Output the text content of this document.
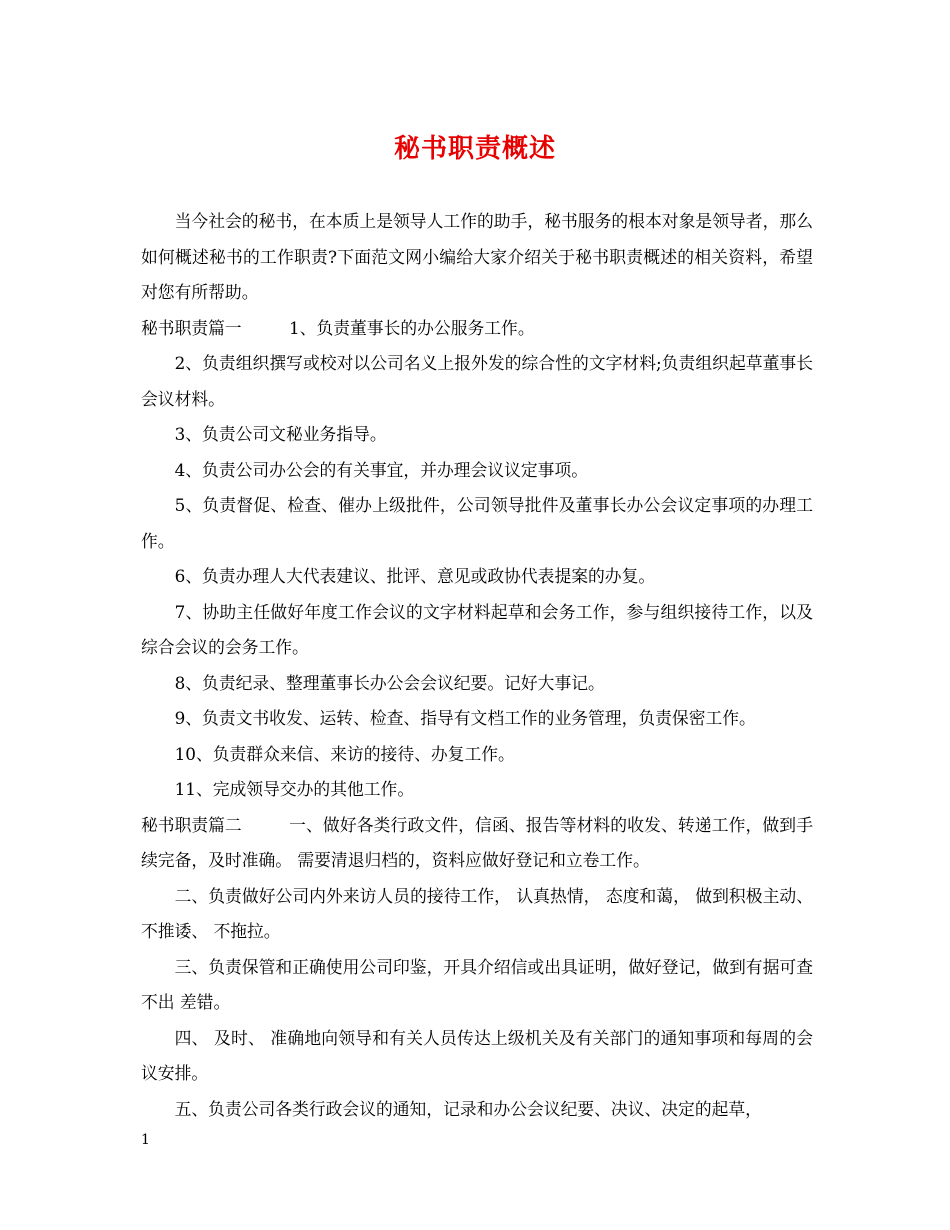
秘书职责概述

当今社会的秘书，在本质上是领导人工作的助手，秘书服务的根本对象是领导者，那么如何概述秘书的工作职责?下面范文网小编给大家介绍关于秘书职责概述的相关资料，希望对您有所帮助。

秘书职责篇一	1、负责董事长的办公服务工作。

2、负责组织撰写或校对以公司名义上报外发的综合性的文字材料;负责组织起草董事长会议材料。

3、负责公司文秘业务指导。

4、负责公司办公会的有关事宜，并办理会议议定事项。

5、负责督促、检查、催办上级批件，公司领导批件及董事长办公会议定事项的办理工作。

6、负责办理人大代表建议、批评、意见或政协代表提案的办复。

7、协助主任做好年度工作会议的文字材料起草和会务工作，参与组织接待工作，以及综合会议的会务工作。

8、负责纪录、整理董事长办公会会议纪要。记好大事记。

9、负责文书收发、运转、检查、指导有文档工作的业务管理，负责保密工作。

10、负责群众来信、来访的接待、办复工作。

11、完成领导交办的其他工作。

秘书职责篇二	一、做好各类行政文件，信函、报告等材料的收发、转递工作，做到手续完备，及时准确。 需要清退归档的，资料应做好登记和立卷工作。

二、负责做好公司内外来访人员的接待工作， 认真热情， 态度和蔼， 做到积极主动、 不推诿、 不拖拉。

三、负责保管和正确使用公司印鉴，开具介绍信或出具证明，做好登记，做到有据可查不出 差错。

四、 及时、 准确地向领导和有关人员传达上级机关及有关部门的通知事项和每周的会议安排。

五、负责公司各类行政会议的通知，记录和办公会议纪要、决议、决定的起草，

1
